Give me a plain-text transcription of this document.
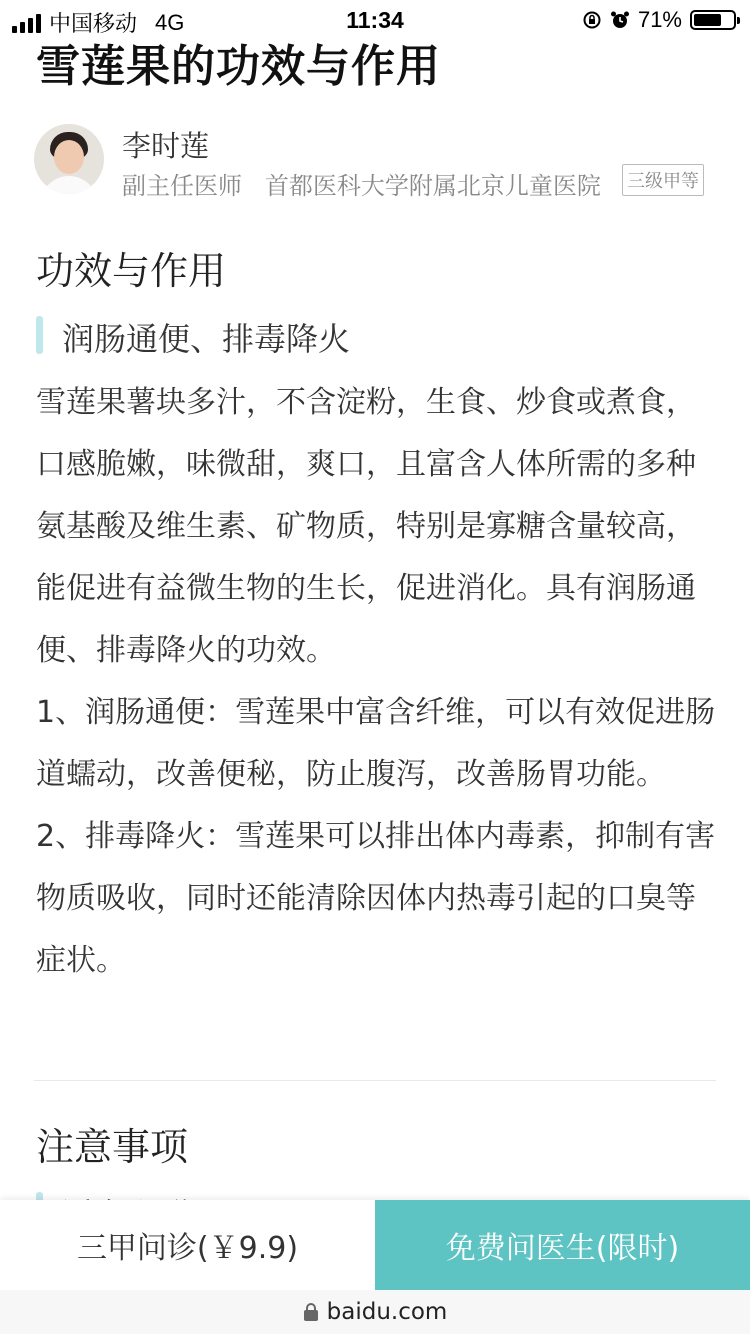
中国移动 4G	11:34	71%
雪莲果的功效与作用
李时莲
副主任医师 首都医科大学附属北京儿童医院	三级甲等
功效与作用
润肠通便、排毒降火

雪莲果薯块多汁，不含淀粉，生食、炒食或煮食，口感脆嫩，味微甜，爽口，且富含人体所需的多种氨基酸及维生素、矿物质，特别是寡糖含量较高，能促进有益微生物的生长，促进消化。具有润肠通便、排毒降火的功效。

1、润肠通便：雪莲果中富含纤维，可以有效促进肠道蠕动，改善便秘，防止腹泻，改善肠胃功能。

2、排毒降火：雪莲果可以排出体内毒素，抑制有害物质吸收，同时还能清除因体内热毒引起的口臭等症状。

注意事项
三甲问诊(￥9.9)	免费问医生(限时)
baidu.com
